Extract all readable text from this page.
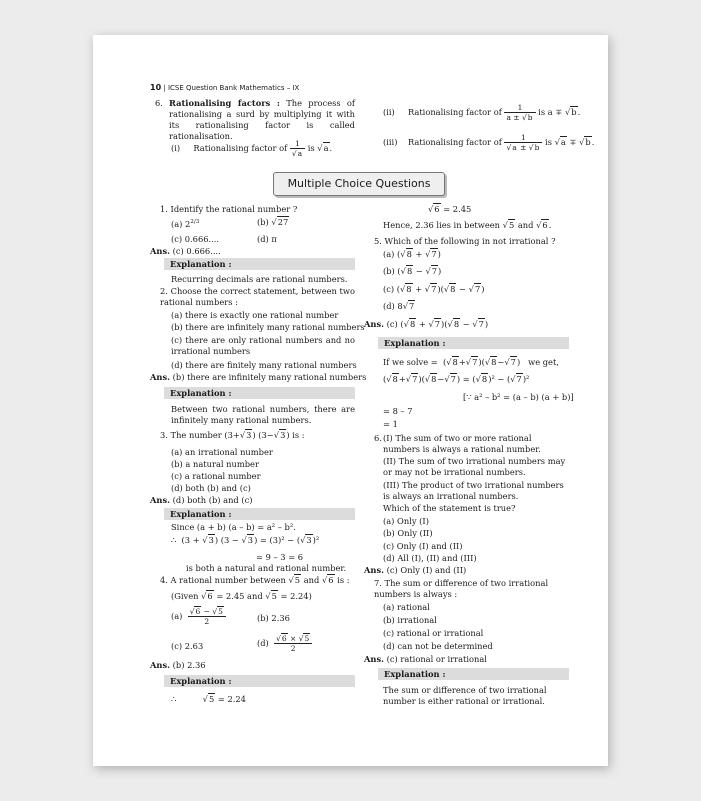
10 | ICSE Question Bank Mathematics – IX
6. Rationalising factors : The process of rationalising a surd by multiplying it with its rationalising factor is called rationalisation.
(i) Rationalising factor of $\frac{1}{√a}$ is √a.
(ii) Rationalising factor of $\frac{1}{a \pm √b}$ is a ∓ √b.
(iii) Rationalising factor of $\frac{1}{√a \pm √b}$ is √a ∓ √b.
Multiple Choice Questions
1. Identify the rational number ?
(a) $2^{2/3}$	(b) √27
(c) 0.666....	(d) π
Ans. (c) 0.666....
Explanation :
Recurring decimals are rational numbers.
2. Choose the correct statement, between two rational numbers :
(a) there is exactly one rational number
(b) there are infinitely many rational numbers
(c) there are only rational numbers and no irrational numbers
(d) there are finitely many rational numbers
Ans. (b) there are infinitely many rational numbers
Explanation :
Between two rational numbers, there are infinitely many rational numbers.
3. The number (3+√3) (3−√3) is :
(a) an irrational number
(b) a natural number
(c) a rational number
(d) both (b) and (c)
Ans. (d) both (b) and (c)
Explanation :
Since (a + b) (a – b) = a² – b².
∴  (3 + √3) (3 − √3) = (3)² − (√3)²
= 9 – 3 = 6
is both a natural and rational number.
4. A rational number between √5 and √6 is :
(Given √6 = 2.45 and √5 = 2.24)
$(a) \frac{√6 - √5}{2}$	(b) 2.36
(c) 2.63	$(d) \frac{√6 \times √5}{2}$
Ans. (b) 2.36
Explanation :
∴          √5 = 2.24
√6 = 2.45
Hence, 2.36 lies in between √5 and √6.
5. Which of the following in not irrational ?
(a) (√8 + √7)
(b) (√8 − √7)
(c) (√8 + √7)(√8 − √7)
(d) 8√7
Ans. (c) (√8 + √7)(√8 − √7)
Explanation :
If we solve =  (√8+√7)(√8−√7)   we get,
(√8+√7)(√8−√7) = (√8)² − (√7)²
[∵ a² – b² = (a – b) (a + b)]
= 8 – 7
= 1
6. (I) The sum of two or more rational numbers is always a rational number.
(II) The sum of two irrational numbers may or may not be irrational numbers.
(III) The product of two irrational numbers is always an irrational numbers.
Which of the statement is true?
(a) Only (I)
(b) Only (II)
(c) Only (I) and (II)
(d) All (I), (II) and (III)
Ans. (c) Only (I) and (II)
7. The sum or difference of two irrational numbers is always :
(a) rational
(b) irrational
(c) rational or irrational
(d) can not be determined
Ans. (c) rational or irrational
Explanation :
The sum or difference of two irrational number is either rational or irrational.
